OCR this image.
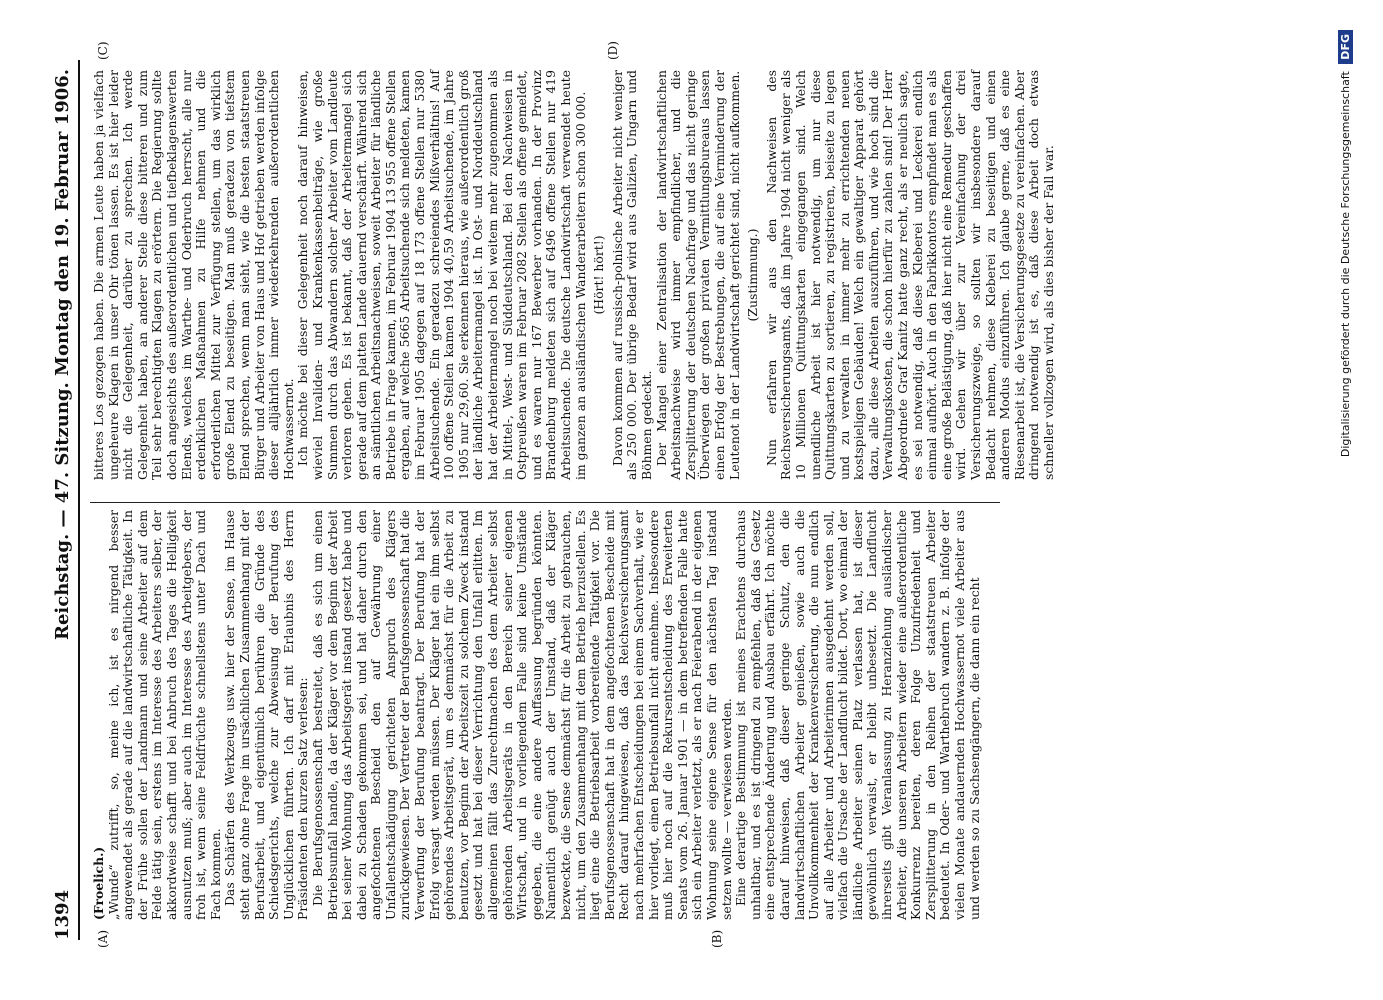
1394
Reichstag. — 47. Sitzung. Montag den 19. Februar 1906.
(A)	(B)
(C)	(D)

(Froelich.) „Wunde“ zutrifft, so, meine ich, ist es nirgend besser angewendet als gerade auf die landwirtschaftliche Tätigkeit. In der Frühe sollen der Landmann und seine Arbeiter auf dem Felde tätig sein, erstens im Interesse des Arbeiters selber, der akkordweise schafft und bei Anbruch des Tages die Helligkeit ausnutzen muß; aber auch im Interesse des Arbeitgebers, der froh ist, wenn seine Feldfrüchte schnellstens unter Dach und Fach kommen. Das Schärfen des Werkzeugs usw. hier der Sense, im Hause steht ganz ohne Frage im ursächlichen Zusammenhang mit der Berufsarbeit, und eigentümlich berühren die Gründe des Schiedsgerichts, welche zur Abweisung der Berufung des Unglücklichen führten. Ich darf mit Erlaubnis des Herrn Präsidenten den kurzen Satz verlesen: Die Berufsgenossenschaft bestreitet, daß es sich um einen Betriebsunfall handle, da der Kläger vor dem Beginn der Arbeit bei seiner Wohnung das Arbeitsgerät instand gesetzt habe und dabei zu Schaden gekommen sei, und hat daher durch den angefochtenen Bescheid den auf Gewährung einer Unfallentschädigung gerichteten Anspruch des Klägers zurückgewiesen. Der Vertreter der Berufsgenossenschaft hat die Verwerfung der Berufung beantragt. Der Berufung hat der Erfolg versagt werden müssen. Der Kläger hat ein ihm selbst gehörendes Arbeitsgerät, um es demnächst für die Arbeit zu benutzen, vor Beginn der Arbeitszeit zu solchem Zweck instand gesetzt und hat bei dieser Verrichtung den Unfall erlitten. Im allgemeinen fällt das Zurechtmachen des dem Arbeiter selbst gehörenden Arbeitsgeräts in den Bereich seiner eigenen Wirtschaft, und in vorliegendem Falle sind keine Umstände gegeben, die eine andere Auffassung begründen könnten. Namentlich genügt auch der Umstand, daß der Kläger bezweckte, die Sense demnächst für die Arbeit zu gebrauchen, nicht, um den Zusammenhang mit dem Betrieb herzustellen. Es liegt eine die Betriebsarbeit vorbereitende Tätigkeit vor. Die Berufsgenossenschaft hat in dem angefochtenen Bescheide mit Recht darauf hingewiesen, daß das Reichsversicherungsamt nach mehrfachen Entscheidungen bei einem Sachverhalt, wie er hier vorliegt, einen Betriebsunfall nicht annehme. Insbesondere muß hier noch auf die Rekursentscheidung des Erweiterten Senats vom 26. Januar 1901 — in dem betreffenden Falle hatte sich ein Arbeiter verletzt, als er nach Feierabend in der eigenen Wohnung seine eigene Sense für den nächsten Tag instand setzen wollte — verwiesen werden. Eine derartige Bestimmung ist meines Erachtens durchaus unhaltbar, und es ist dringend zu empfehlen, daß das Gesetz eine entsprechende Änderung und Ausbau erfährt. Ich möchte darauf hinweisen, daß dieser geringe Schutz, den die landwirtschaftlichen Arbeiter genießen, sowie auch die Unvollkommenheit der Krankenversicherung, die nun endlich auf alle Arbeiter und Arbeiterinnen ausgedehnt werden soll, vielfach die Ursache der Landflucht bildet. Dort, wo einmal der ländliche Arbeiter seinen Platz verlassen hat, ist dieser gewöhnlich verwaist, er bleibt unbesetzt. Die Landflucht ihrerseits gibt Veranlassung zu Heranziehung ausländischer Arbeiter, die unseren Arbeitern wieder eine außerordentliche Konkurrenz bereiten, deren Folge Unzufriedenheit und Zersplitterung in den Reihen der staatstreuen Arbeiter bedeutet. In Oder- und Warthebruch wandern z. B. infolge der vielen Monate andauernden Hochwassernot viele Arbeiter aus und werden so zu Sachsengängern, die dann ein recht

bitteres Los gezogen haben. Die armen Leute haben ja vielfach ungeheure Klagen in unser Ohr tönen lassen. Es ist hier leider nicht die Gelegenheit, darüber zu sprechen. Ich werde Gelegenheit haben, an anderer Stelle diese bitteren und zum Teil sehr berechtigten Klagen zu erörtern. Die Regierung sollte doch angesichts des außerordentlichen und tiefbeklagenswerten Elends, welches im Warthe- und Oderbruch herrscht, alle nur erdenklichen Maßnahmen zu Hilfe nehmen und die erforderlichen Mittel zur Verfügung stellen, um das wirklich große Elend zu beseitigen. Man muß geradezu von tiefstem Elend sprechen, wenn man sieht, wie die besten staatstreuen Bürger und Arbeiter von Haus und Hof getrieben werden infolge dieser alljährlich immer wiederkehrenden außerordentlichen Hochwassernot. Ich möchte bei dieser Gelegenheit noch darauf hinweisen, wieviel Invaliden- und Krankenkassenbeiträge, wie große Summen durch das Abwandern solcher Arbeiter vom Landleute verloren gehen. Es ist bekannt, daß der Arbeitermangel sich gerade auf dem platten Lande dauernd verschärft. Während sich an sämtlichen Arbeitsnachweisen, soweit Arbeiter für ländliche Betriebe in Frage kamen, im Februar 1904 13 955 offene Stellen ergaben, auf welche 5665 Arbeitsuchende sich meldeten, kamen im Februar 1905 dagegen auf 18 173 offene Stellen nur 5380 Arbeitsuchende. Ein geradezu schreiendes Mißverhältnis! Auf 100 offene Stellen kamen 1904 40,59 Arbeitsuchende, im Jahre 1905 nur 29,60. Sie erkennen hieraus, wie außerordentlich groß der ländliche Arbeitermangel ist. In Ost- und Norddeutschland hat der Arbeitermangel noch bei weitem mehr zugenommen als in Mittel-, West- und Süddeutschland. Bei den Nachweisen in Ostpreußen waren im Februar 2082 Stellen als offene gemeldet, und es waren nur 167 Bewerber vorhanden. In der Provinz Brandenburg meldeten sich auf 6496 offene Stellen nur 419 Arbeitsuchende. Die deutsche Landwirtschaft verwendet heute im ganzen an ausländischen Wanderarbeitern schon 300 000. (Hört! hört!) Davon kommen auf russisch-polnische Arbeiter nicht weniger als 250 000. Der übrige Bedarf wird aus Galizien, Ungarn und Böhmen gedeckt. Der Mangel einer Zentralisation der landwirtschaftlichen Arbeitsnachweise wird immer empfindlicher, und die Zersplitterung der deutschen Nachfrage und das nicht geringe Überwiegen der großen privaten Vermittlungsbureaus lassen einen Erfolg der Bestrebungen, die auf eine Verminderung der Leutenot in der Landwirtschaft gerichtet sind, nicht aufkommen. (Zustimmung.) Nun erfahren wir aus den Nachweisen des Reichsversicherungsamts, daß im Jahre 1904 nicht weniger als 10 Millionen Quittungskarten eingegangen sind. Welch unendliche Arbeit ist hier notwendig, um nur diese Quittungskarten zu sortieren, zu registrieren, beiseite zu legen und zu verwalten in immer mehr zu errichtenden neuen kostspieligen Gebäuden! Welch ein gewaltiger Apparat gehört dazu, alle diese Arbeiten auszuführen, und wie hoch sind die Verwaltungskosten, die schon hierfür zu zahlen sind! Der Herr Abgeordnete Graf Kanitz hatte ganz recht, als er neulich sagte, es sei notwendig, daß diese Kleberei und Leckerei endlich einmal aufhört. Auch in den Fabrikkontors empfindet man es als eine große Belästigung, daß hier nicht eine Remedur geschaffen wird. Gehen wir über zur Vereinfachung der drei Versicherungszweige, so sollten wir insbesondere darauf Bedacht nehmen, diese Kleberei zu beseitigen und einen anderen Modus einzuführen. Ich glaube gerne, daß es eine Riesenarbeit ist, die Versicherungsgesetze zu vereinfachen. Aber dringend notwendig ist es, daß diese Arbeit doch etwas schneller vollzogen wird, als dies bisher der Fall war.	Digitalisierung gefördert durch die Deutsche Forschungsgemeinschaft DFG
